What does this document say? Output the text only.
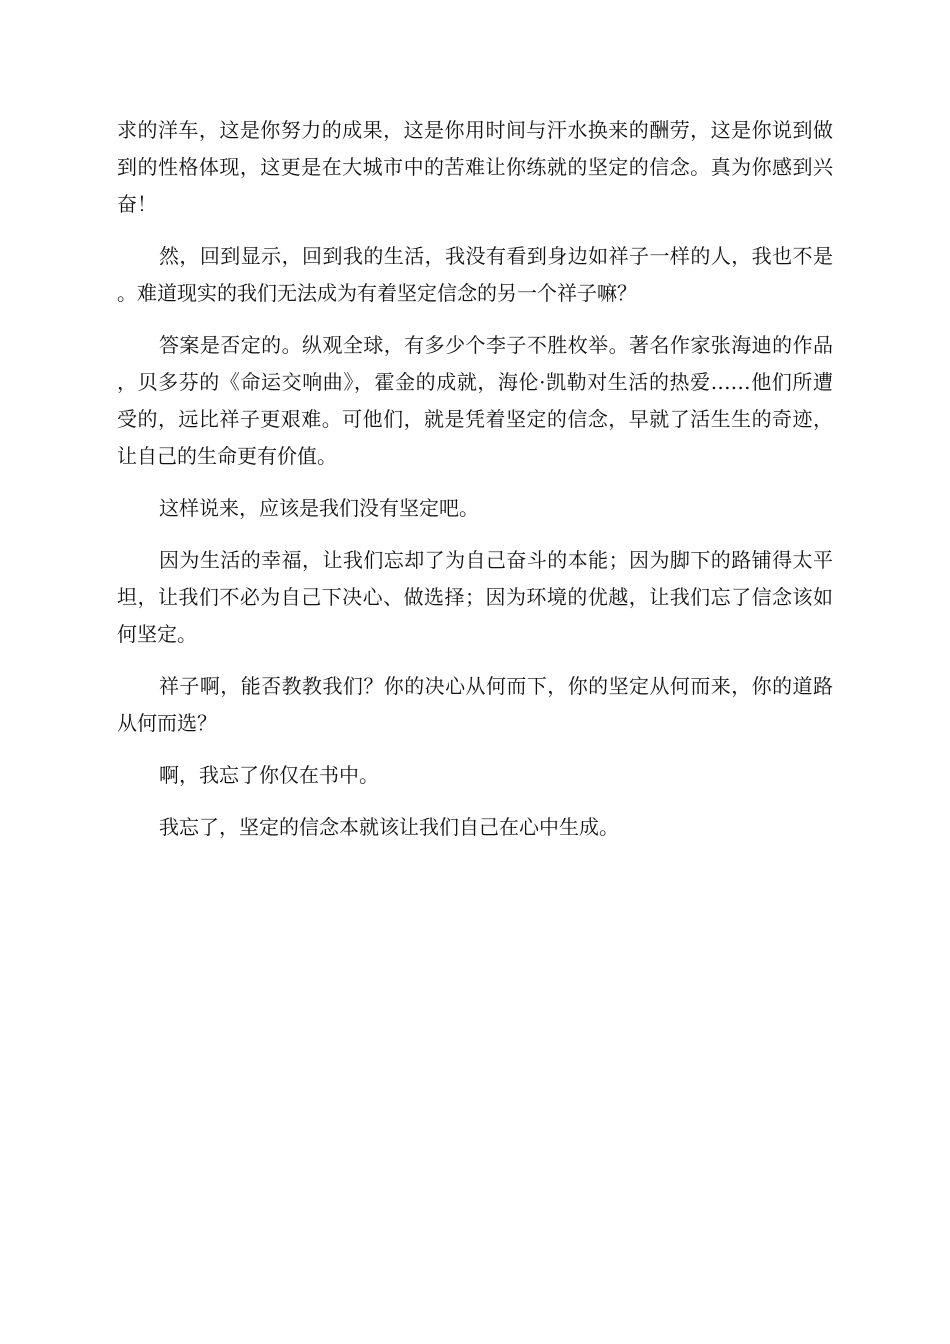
求的洋车，这是你努力的成果，这是你用时间与汗水换来的酬劳，这是你说到做到的性格体现，这更是在大城市中的苦难让你练就的坚定的信念。真为你感到兴奋！

然，回到显示，回到我的生活，我没有看到身边如祥子一样的人，我也不是。难道现实的我们无法成为有着坚定信念的另一个祥子嘛？

答案是否定的。纵观全球，有多少个李子不胜枚举。著名作家张海迪的作品，贝多芬的《命运交响曲》，霍金的成就，海伦·凯勒对生活的热爱……他们所遭受的，远比祥子更艰难。可他们，就是凭着坚定的信念，早就了活生生的奇迹，让自己的生命更有价值。

这样说来，应该是我们没有坚定吧。

因为生活的幸福，让我们忘却了为自己奋斗的本能；因为脚下的路铺得太平坦，让我们不必为自己下决心、做选择；因为环境的优越，让我们忘了信念该如何坚定。

祥子啊，能否教教我们？你的决心从何而下，你的坚定从何而来，你的道路从何而选？

啊，我忘了你仅在书中。

我忘了，坚定的信念本就该让我们自己在心中生成。
